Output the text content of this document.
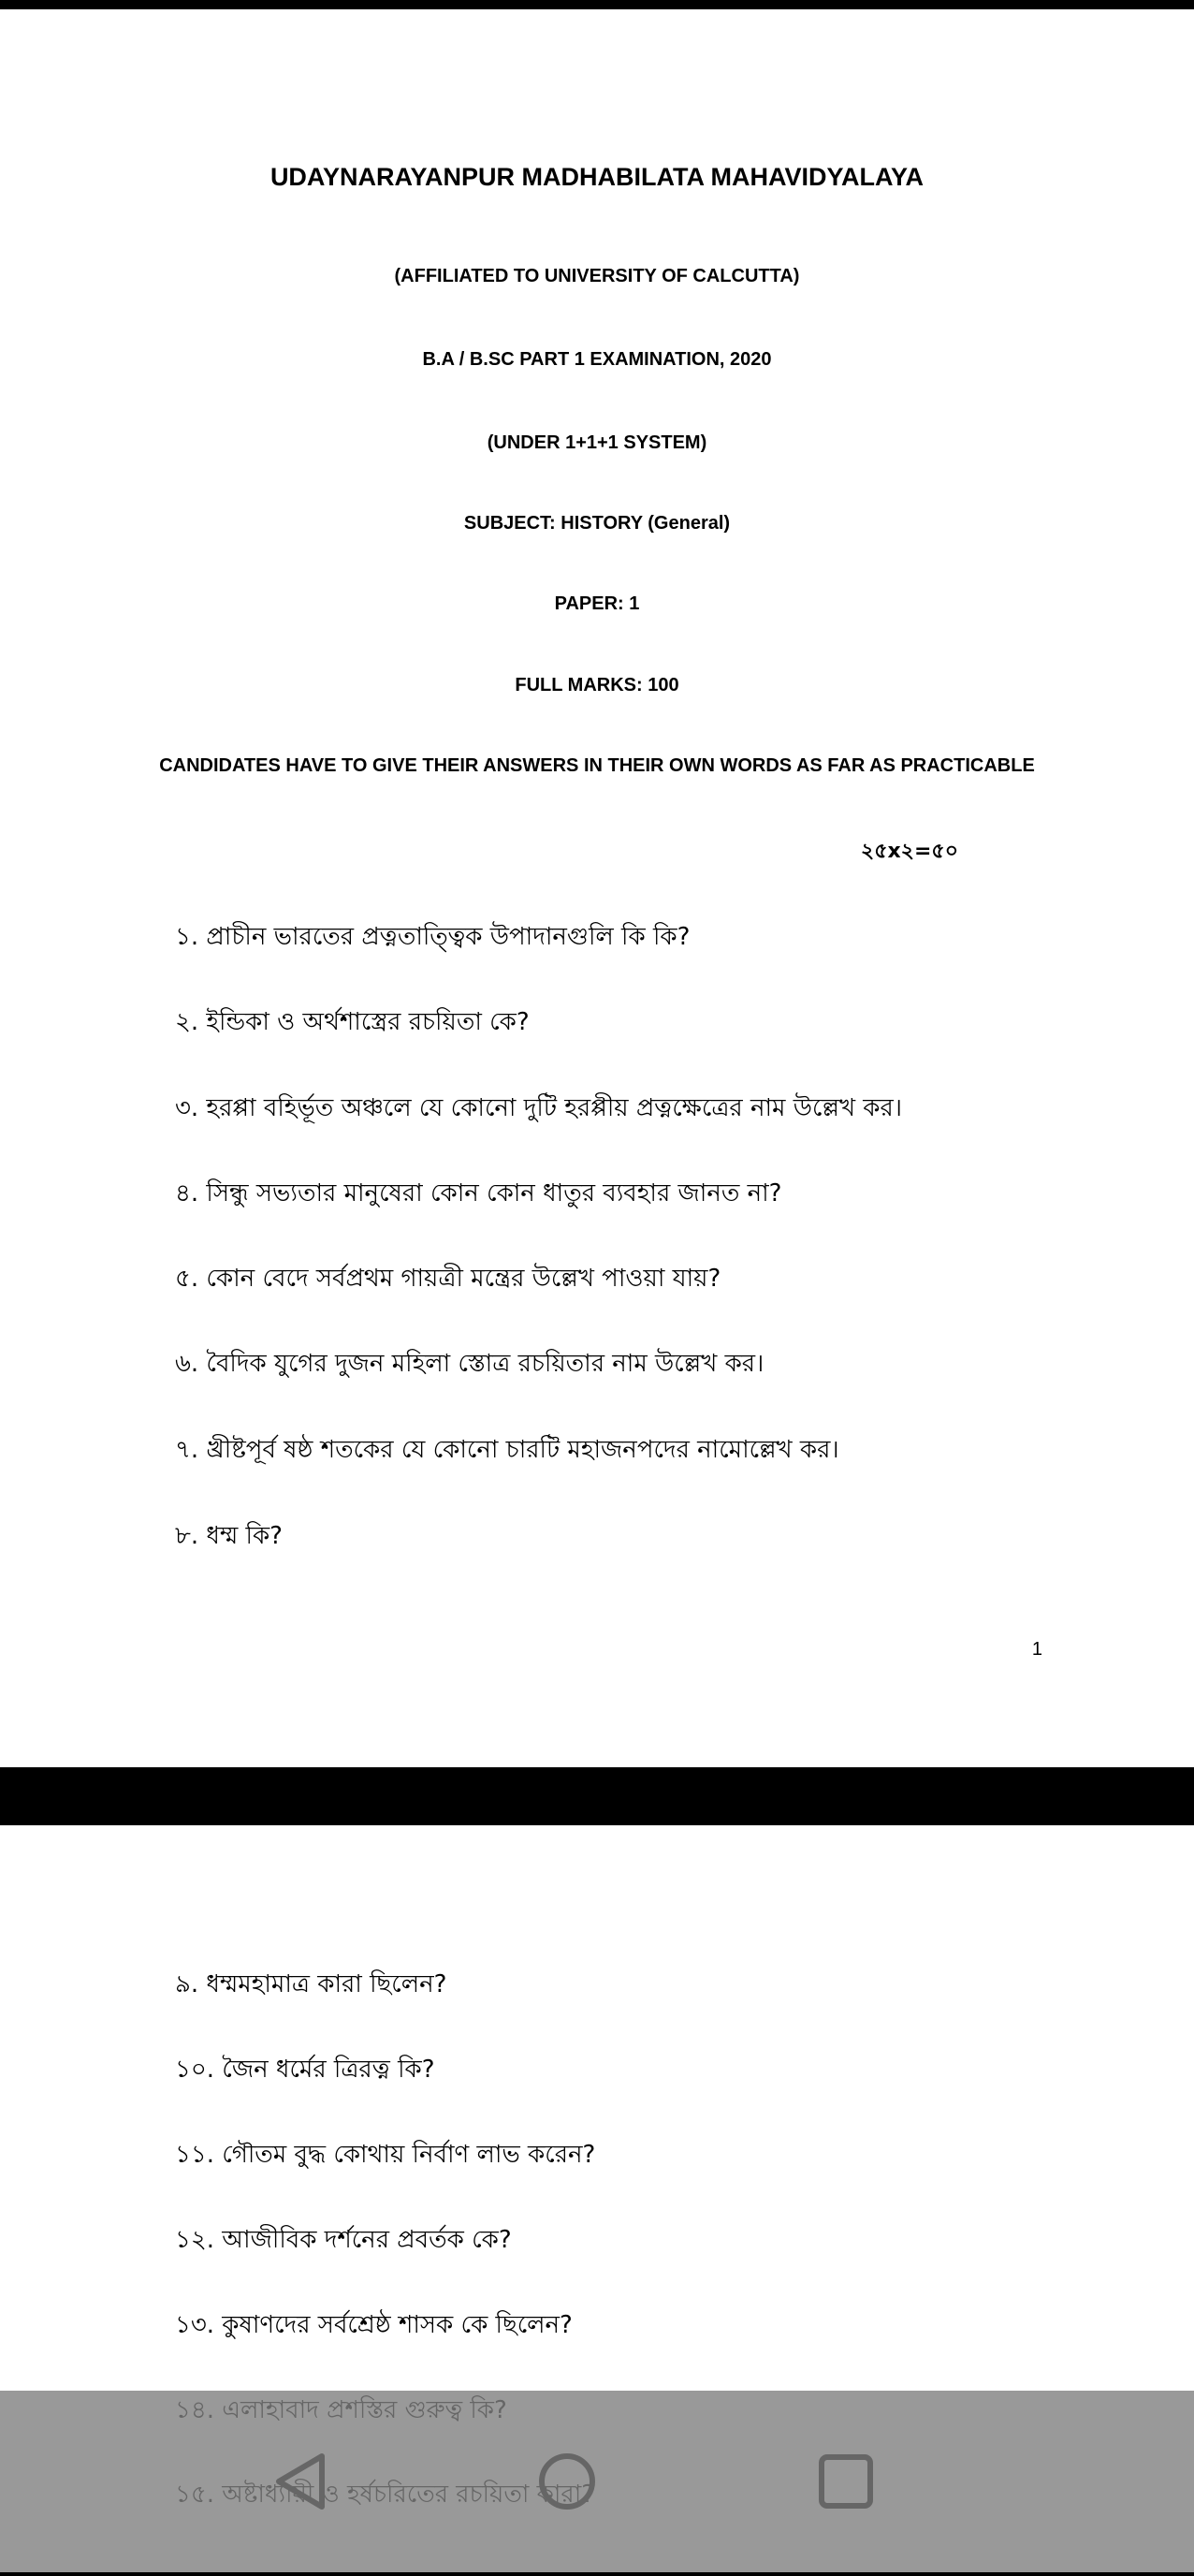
UDAYNARAYANPUR MADHABILATA MAHAVIDYALAYA
(AFFILIATED TO UNIVERSITY OF CALCUTTA)
B.A / B.SC PART 1 EXAMINATION, 2020
(UNDER 1+1+1 SYSTEM)
SUBJECT: HISTORY (General)
PAPER: 1
FULL MARKS: 100
CANDIDATES HAVE TO GIVE THEIR ANSWERS IN THEIR OWN WORDS AS FAR AS PRACTICABLE
২৫x২=৫০
১. প্রাচীন ভারতের প্রত্নতাত্ত্বিক উপাদানগুলি কি কি?
২. ইন্ডিকা ও অর্থশাস্ত্রের রচয়িতা কে?
৩. হরপ্পা বহির্ভূত অঞ্চলে যে কোনো দুটি হরপ্পীয় প্রত্নক্ষেত্রের নাম উল্লেখ কর।
৪. সিন্ধু সভ্যতার মানুষেরা কোন কোন ধাতুর ব্যবহার জানত না?
৫. কোন বেদে সর্বপ্রথম গায়ত্রী মন্ত্রের উল্লেখ পাওয়া যায়?
৬. বৈদিক যুগের দুজন মহিলা স্তোত্র রচয়িতার নাম উল্লেখ কর।
৭. খ্রীষ্টপূর্ব ষষ্ঠ শতকের যে কোনো চারটি মহাজনপদের নামোল্লেখ কর।
৮. ধম্ম কি?
1
৯. ধম্মমহামাত্র কারা ছিলেন?
১০. জৈন ধর্মের ত্রিরত্ন কি?
১১. গৌতম বুদ্ধ কোথায় নির্বাণ লাভ করেন?
১২. আজীবিক দর্শনের প্রবর্তক কে?
১৩. কুষাণদের সর্বশ্রেষ্ঠ শাসক কে ছিলেন?
